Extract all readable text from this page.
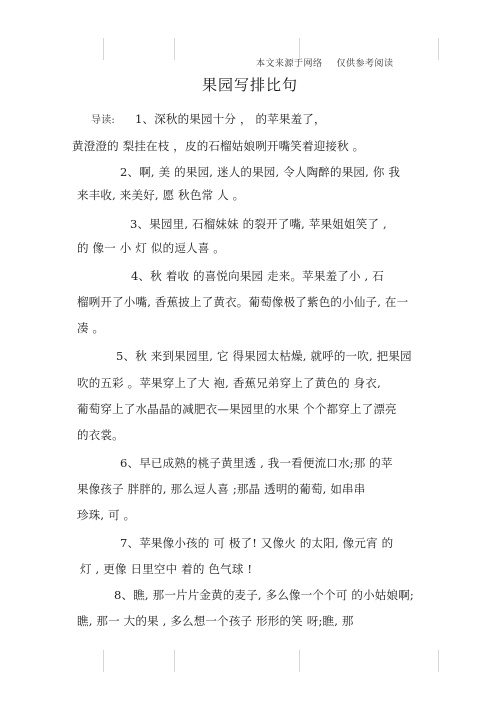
本文来源于网络 仅供参考阅读
果园写排比句
导读: 1、深秋的果园十分 ， 的苹果羞了，
黄澄澄的 梨挂在枝 ，皮的石榴姑娘咧开嘴笑着迎接秋 。
2、啊, 美 的果园, 迷人的果园, 令人陶醉的果园, 你 我
来丰收, 来美好, 愿 秋色常 人 。
3、果园里, 石榴妹妹 的裂开了嘴, 苹果姐姐笑了 ,
的 像一 小 灯 似的逗人喜 。
4、秋 着收 的喜悦向果园 走来。苹果羞了小 , 石
榴咧开了小嘴, 香蕉披上了黄衣。葡萄像极了紫色的小仙子, 在一
凑 。
5、秋 来到果园里, 它 得果园太枯燥, 就呼的一吹, 把果园
吹的五彩 。苹果穿上了大 袍, 香蕉兄弟穿上了黄色的 身衣,
葡萄穿上了水晶晶的减肥衣—果园里的水果 个个都穿上了漂亮
的衣裳。
6、早已成熟的桃子黄里透 , 我一看便流口水;那 的苹
果像孩子 胖胖的, 那么逗人喜 ;那晶 透明的葡萄, 如串串
珍珠, 可 。
7、苹果像小孩的 可 极了! 又像火 的太阳, 像元宵 的
灯 , 更像 日里空中 着的 色气球 !
8、瞧, 那一片片金黄的麦子, 多么像一个个可 的小姑娘啊;
瞧, 那一 大的果 , 多么想一个孩子 形形的笑 呀;瞧, 那
